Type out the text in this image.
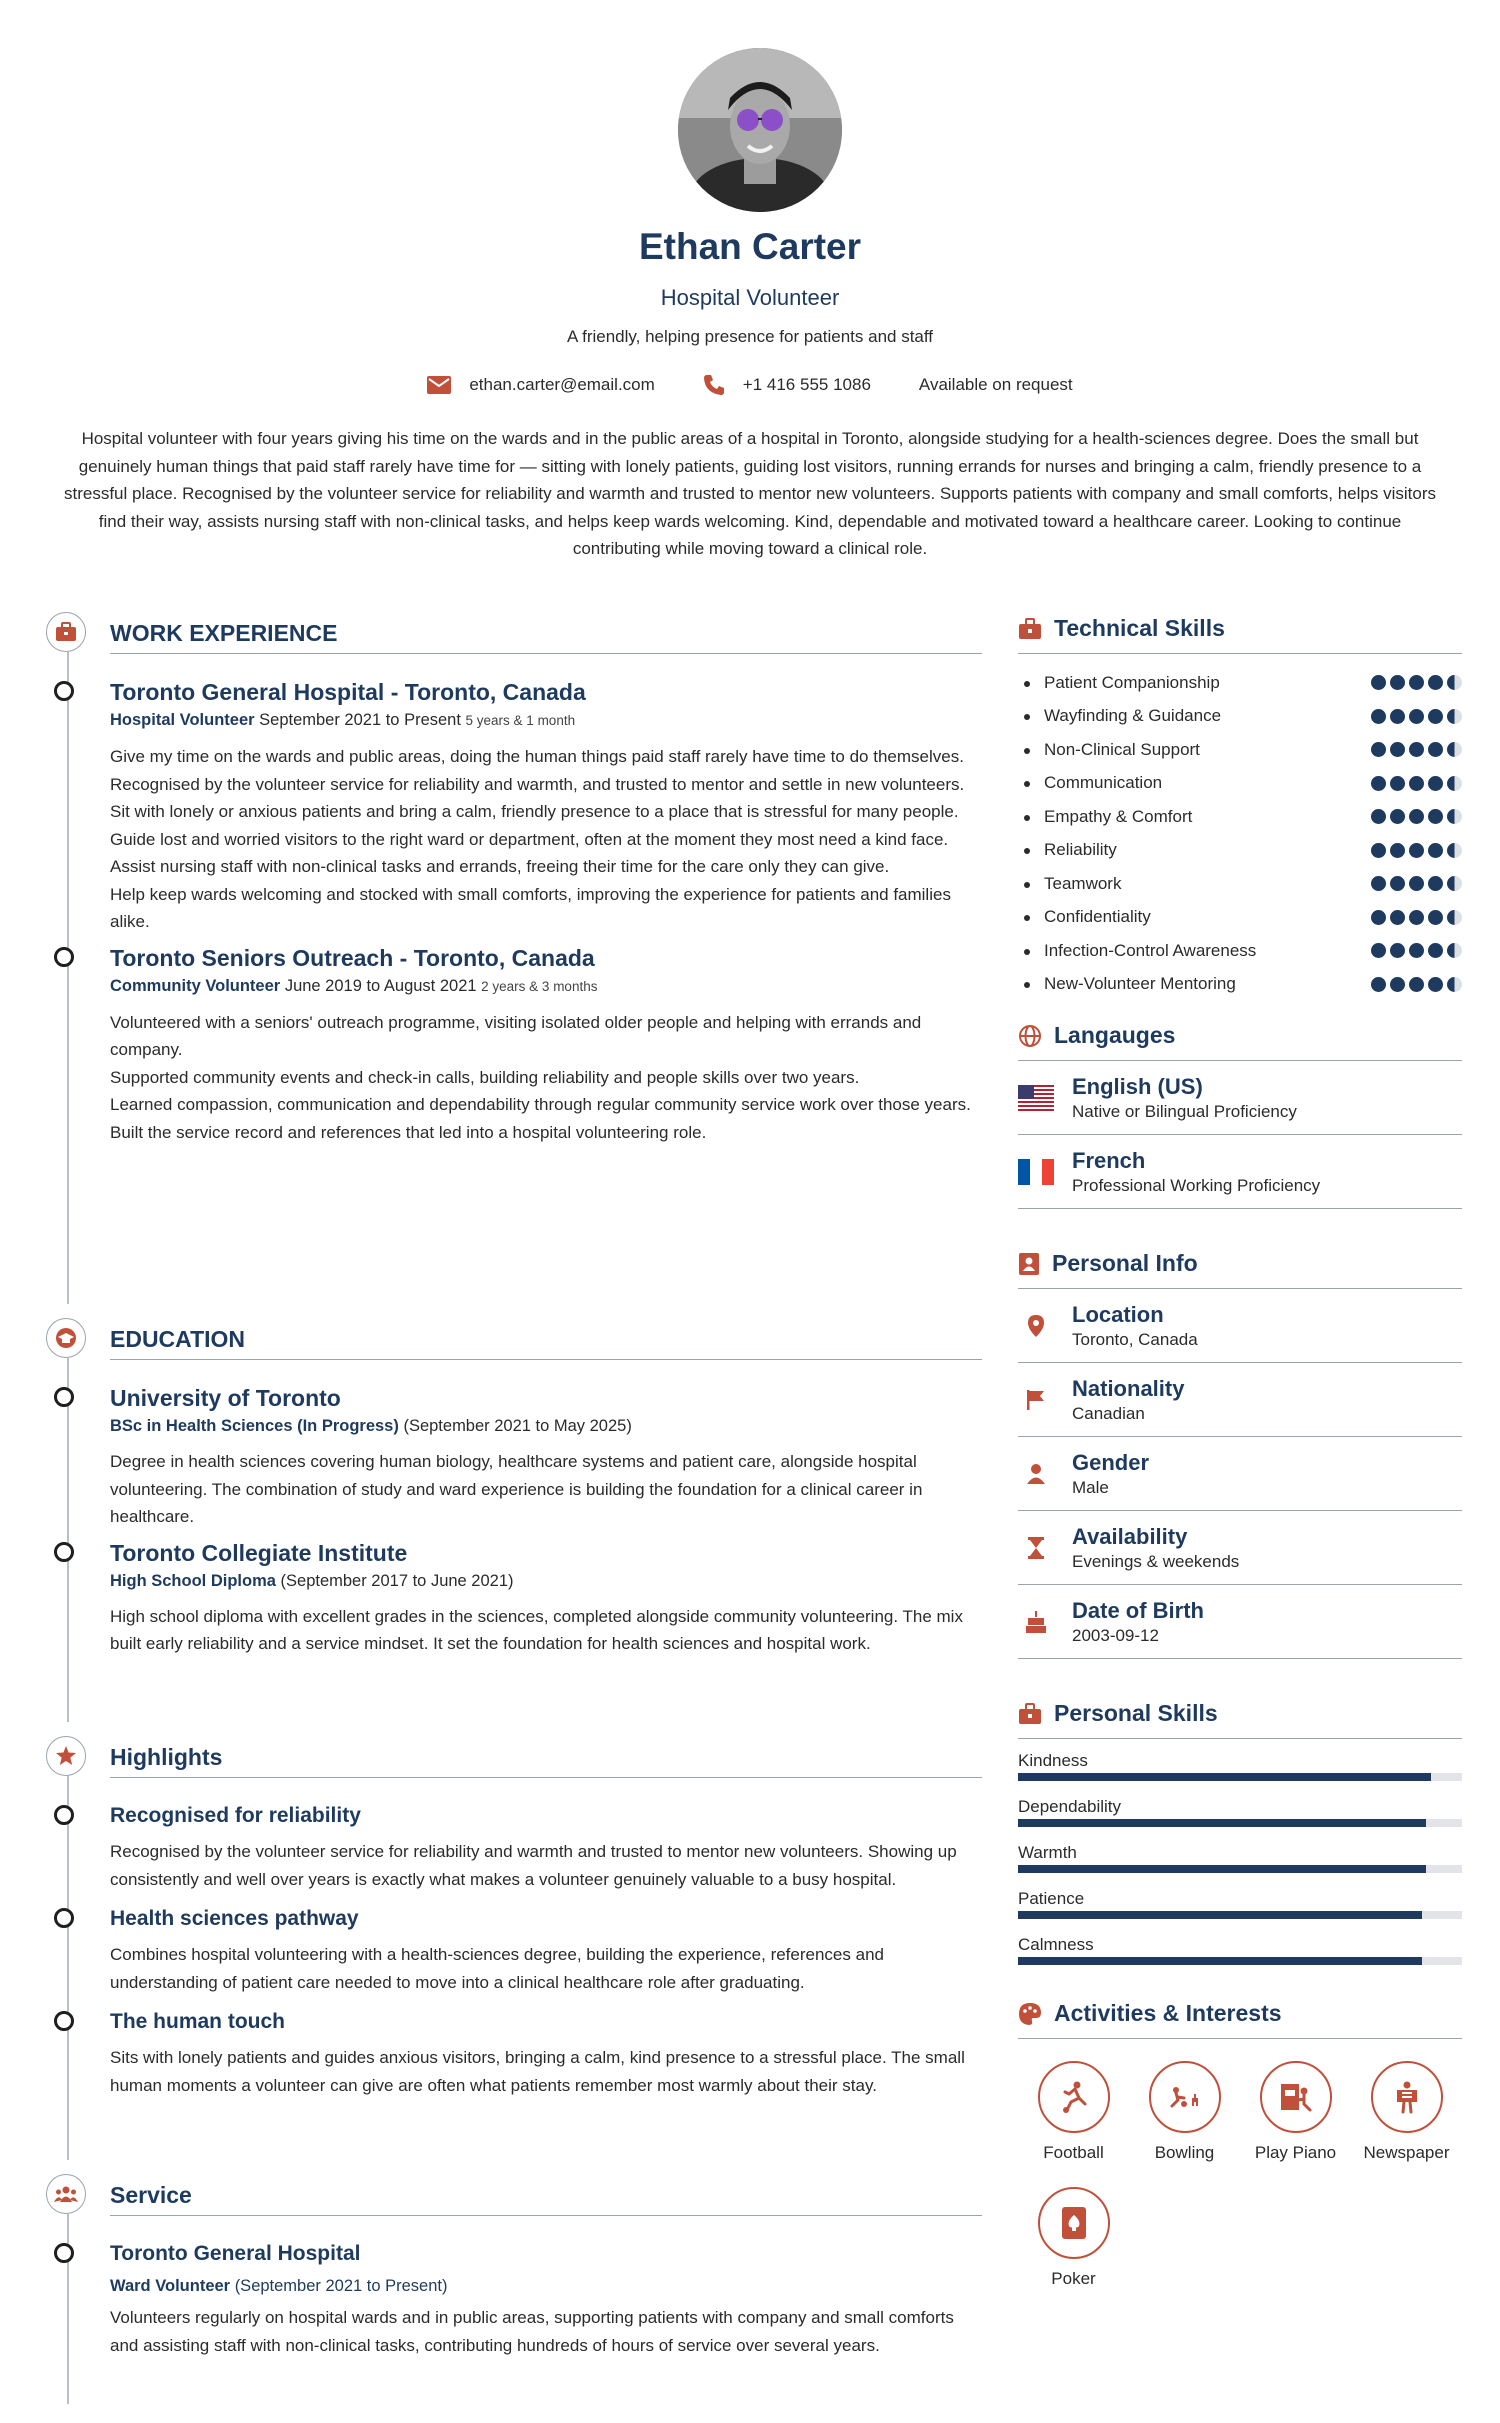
Ethan Carter
Hospital Volunteer
A friendly, helping presence for patients and staff
ethan.carter@email.com	+1 416 555 1086	Available on request
Hospital volunteer with four years giving his time on the wards and in the public areas of a hospital in Toronto, alongside studying for a health-sciences degree. Does the small but genuinely human things that paid staff rarely have time for — sitting with lonely patients, guiding lost visitors, running errands for nurses and bringing a calm, friendly presence to a stressful place. Recognised by the volunteer service for reliability and warmth and trusted to mentor new volunteers. Supports patients with company and small comforts, helps visitors find their way, assists nursing staff with non-clinical tasks, and helps keep wards welcoming. Kind, dependable and motivated toward a healthcare career. Looking to continue contributing while moving toward a clinical role.
WORK EXPERIENCE
Toronto General Hospital - Toronto, Canada
Hospital Volunteer September 2021 to Present 5 years & 1 month

Give my time on the wards and public areas, doing the human things paid staff rarely have time to do themselves.

Recognised by the volunteer service for reliability and warmth, and trusted to mentor and settle in new volunteers.

Sit with lonely or anxious patients and bring a calm, friendly presence to a place that is stressful for many people.

Guide lost and worried visitors to the right ward or department, often at the moment they most need a kind face.

Assist nursing staff with non-clinical tasks and errands, freeing their time for the care only they can give.

Help keep wards welcoming and stocked with small comforts, improving the experience for patients and families alike.

Toronto Seniors Outreach - Toronto, Canada
Community Volunteer June 2019 to August 2021 2 years & 3 months

Volunteered with a seniors' outreach programme, visiting isolated older people and helping with errands and company.

Supported community events and check-in calls, building reliability and people skills over two years.

Learned compassion, communication and dependability through regular community service work over those years.

Built the service record and references that led into a hospital volunteering role.

EDUCATION
University of Toronto
BSc in Health Sciences (In Progress) (September 2021 to May 2025)
Degree in health sciences covering human biology, healthcare systems and patient care, alongside hospital volunteering. The combination of study and ward experience is building the foundation for a clinical career in healthcare.
Toronto Collegiate Institute
High School Diploma (September 2017 to June 2021)
High school diploma with excellent grades in the sciences, completed alongside community volunteering. The mix built early reliability and a service mindset. It set the foundation for health sciences and hospital work.
Highlights
Recognised for reliability
Recognised by the volunteer service for reliability and warmth and trusted to mentor new volunteers. Showing up consistently and well over years is exactly what makes a volunteer genuinely valuable to a busy hospital.
Health sciences pathway
Combines hospital volunteering with a health-sciences degree, building the experience, references and understanding of patient care needed to move into a clinical healthcare role after graduating.
The human touch
Sits with lonely patients and guides anxious visitors, bringing a calm, kind presence to a stressful place. The small human moments a volunteer can give are often what patients remember most warmly about their stay.
Service
Toronto General Hospital
Ward Volunteer (September 2021 to Present)
Volunteers regularly on hospital wards and in public areas, supporting patients with company and small comforts and assisting staff with non-clinical tasks, contributing hundreds of hours of service over several years.
Technical Skills
Patient Companionship
Wayfinding & Guidance
Non-Clinical Support
Communication
Empathy & Comfort
Reliability
Teamwork
Confidentiality
Infection-Control Awareness
New-Volunteer Mentoring
Langauges
English (US)
Native or Bilingual Proficiency
French
Professional Working Proficiency
Personal Info
Location
Toronto, Canada
Nationality
Canadian
Gender
Male
Availability
Evenings & weekends
Date of Birth
2003-09-12
Personal Skills
Kindness
Dependability
Warmth
Patience
Calmness
Activities & Interests
Football	Bowling	Play Piano	Newspaper
Poker
